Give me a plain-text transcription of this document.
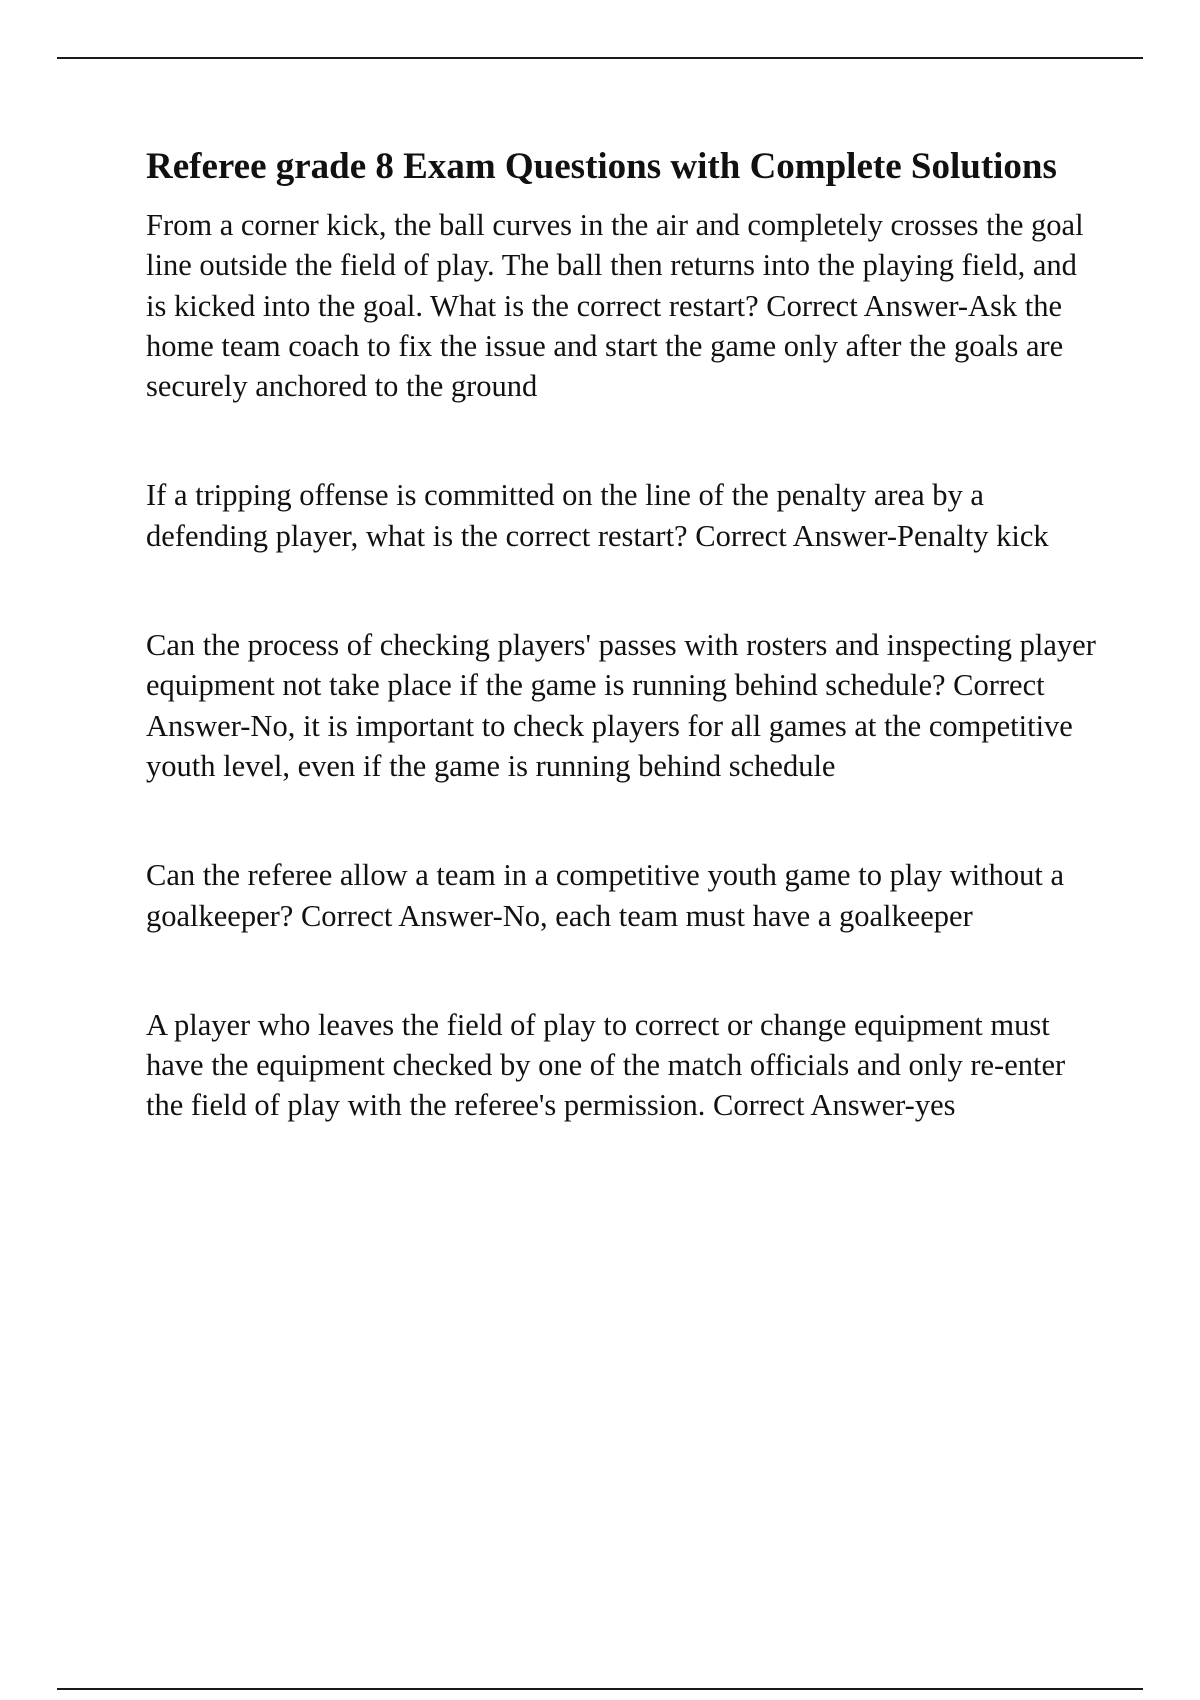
Referee grade 8 Exam Questions with Complete Solutions

From a corner kick, the ball curves in the air and completely crosses the goal line outside the field of play. The ball then returns into the playing field, and is kicked into the goal. What is the correct restart? Correct Answer-Ask the home team coach to fix the issue and start the game only after the goals are securely anchored to the ground

If a tripping offense is committed on the line of the penalty area by a defending player, what is the correct restart? Correct Answer-Penalty kick

Can the process of checking players' passes with rosters and inspecting player equipment not take place if the game is running behind schedule? Correct Answer-No, it is important to check players for all games at the competitive youth level, even if the game is running behind schedule

Can the referee allow a team in a competitive youth game to play without a goalkeeper? Correct Answer-No, each team must have a goalkeeper

A player who leaves the field of play to correct or change equipment must have the equipment checked by one of the match officials and only re-enter the field of play with the referee's permission. Correct Answer-yes
